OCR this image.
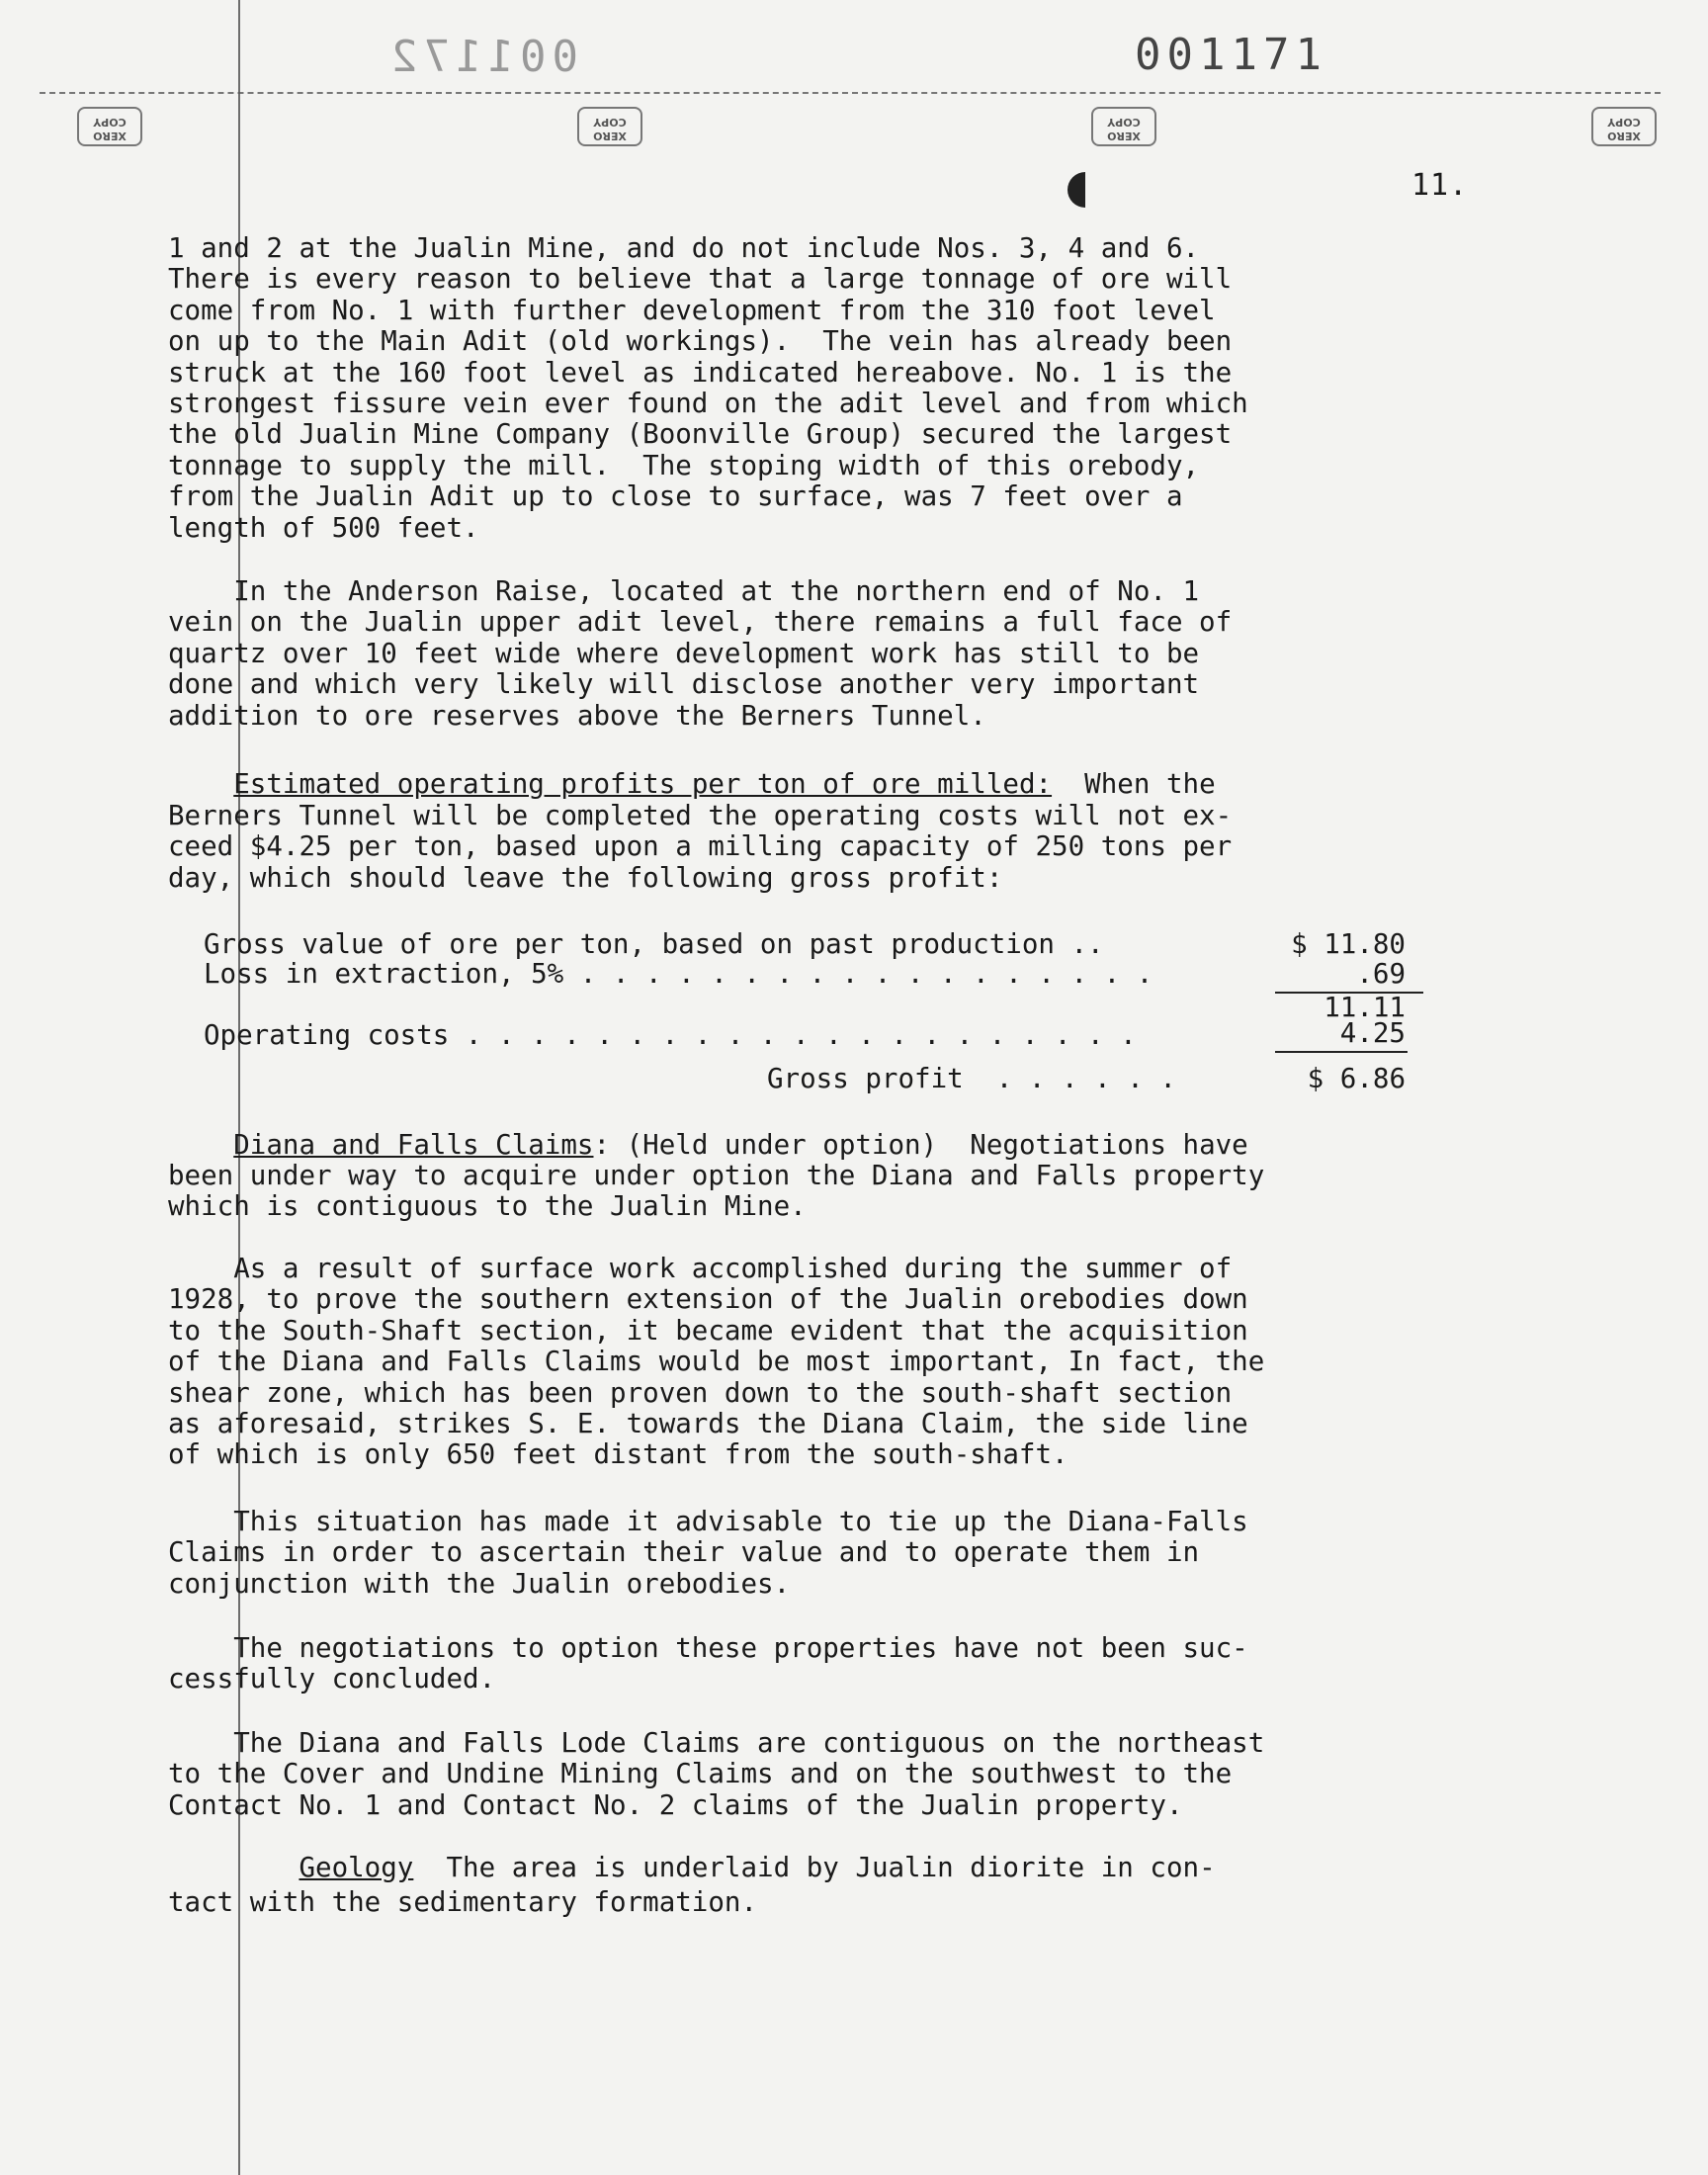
001172	001171
XERO COPY
XERO COPY
XERO COPY
XERO COPY
11.
1 and 2 at the Jualin Mine, and do not include Nos. 3, 4 and 6.
There is every reason to believe that a large tonnage of ore will
come from No. 1 with further development from the 310 foot level
on up to the Main Adit (old workings).  The vein has already been
struck at the 160 foot level as indicated hereabove. No. 1 is the
strongest fissure vein ever found on the adit level and from which
the old Jualin Mine Company (Boonville Group) secured the largest
tonnage to supply the mill.  The stoping width of this orebody,
from the Jualin Adit up to close to surface, was 7 feet over a
length of 500 feet.
In the Anderson Raise, located at the northern end of No. 1
vein on the Jualin upper adit level, there remains a full face of
quartz over 10 feet wide where development work has still to be
done and which very likely will disclose another very important
addition to ore reserves above the Berners Tunnel.
Estimated operating profits per ton of ore milled:  When the
Berners Tunnel will be completed the operating costs will not ex-
ceed $4.25 per ton, based upon a milling capacity of 250 tons per
day, which should leave the following gross profit:
Gross value of ore per ton, based on past production ..	$ 11.80
Loss in extraction, 5% . . . . . . . . . . . . . . . . . .	.69
11.11
Operating costs . . . . . . . . . . . . . . . . . . . . .	4.25
Gross profit  . . . . . .	$ 6.86
Diana and Falls Claims: (Held under option)  Negotiations have
been under way to acquire under option the Diana and Falls property
which is contiguous to the Jualin Mine.
As a result of surface work accomplished during the summer of
1928, to prove the southern extension of the Jualin orebodies down
to the South-Shaft section, it became evident that the acquisition
of the Diana and Falls Claims would be most important, In fact, the
shear zone, which has been proven down to the south-shaft section
as aforesaid, strikes S. E. towards the Diana Claim, the side line
of which is only 650 feet distant from the south-shaft.
This situation has made it advisable to tie up the Diana-Falls
Claims in order to ascertain their value and to operate them in
conjunction with the Jualin orebodies.
The negotiations to option these properties have not been suc-
cessfully concluded.
The Diana and Falls Lode Claims are contiguous on the northeast
to the Cover and Undine Mining Claims and on the southwest to the
Contact No. 1 and Contact No. 2 claims of the Jualin property.
Geology  The area is underlaid by Jualin diorite in con-
tact with the sedimentary formation.
